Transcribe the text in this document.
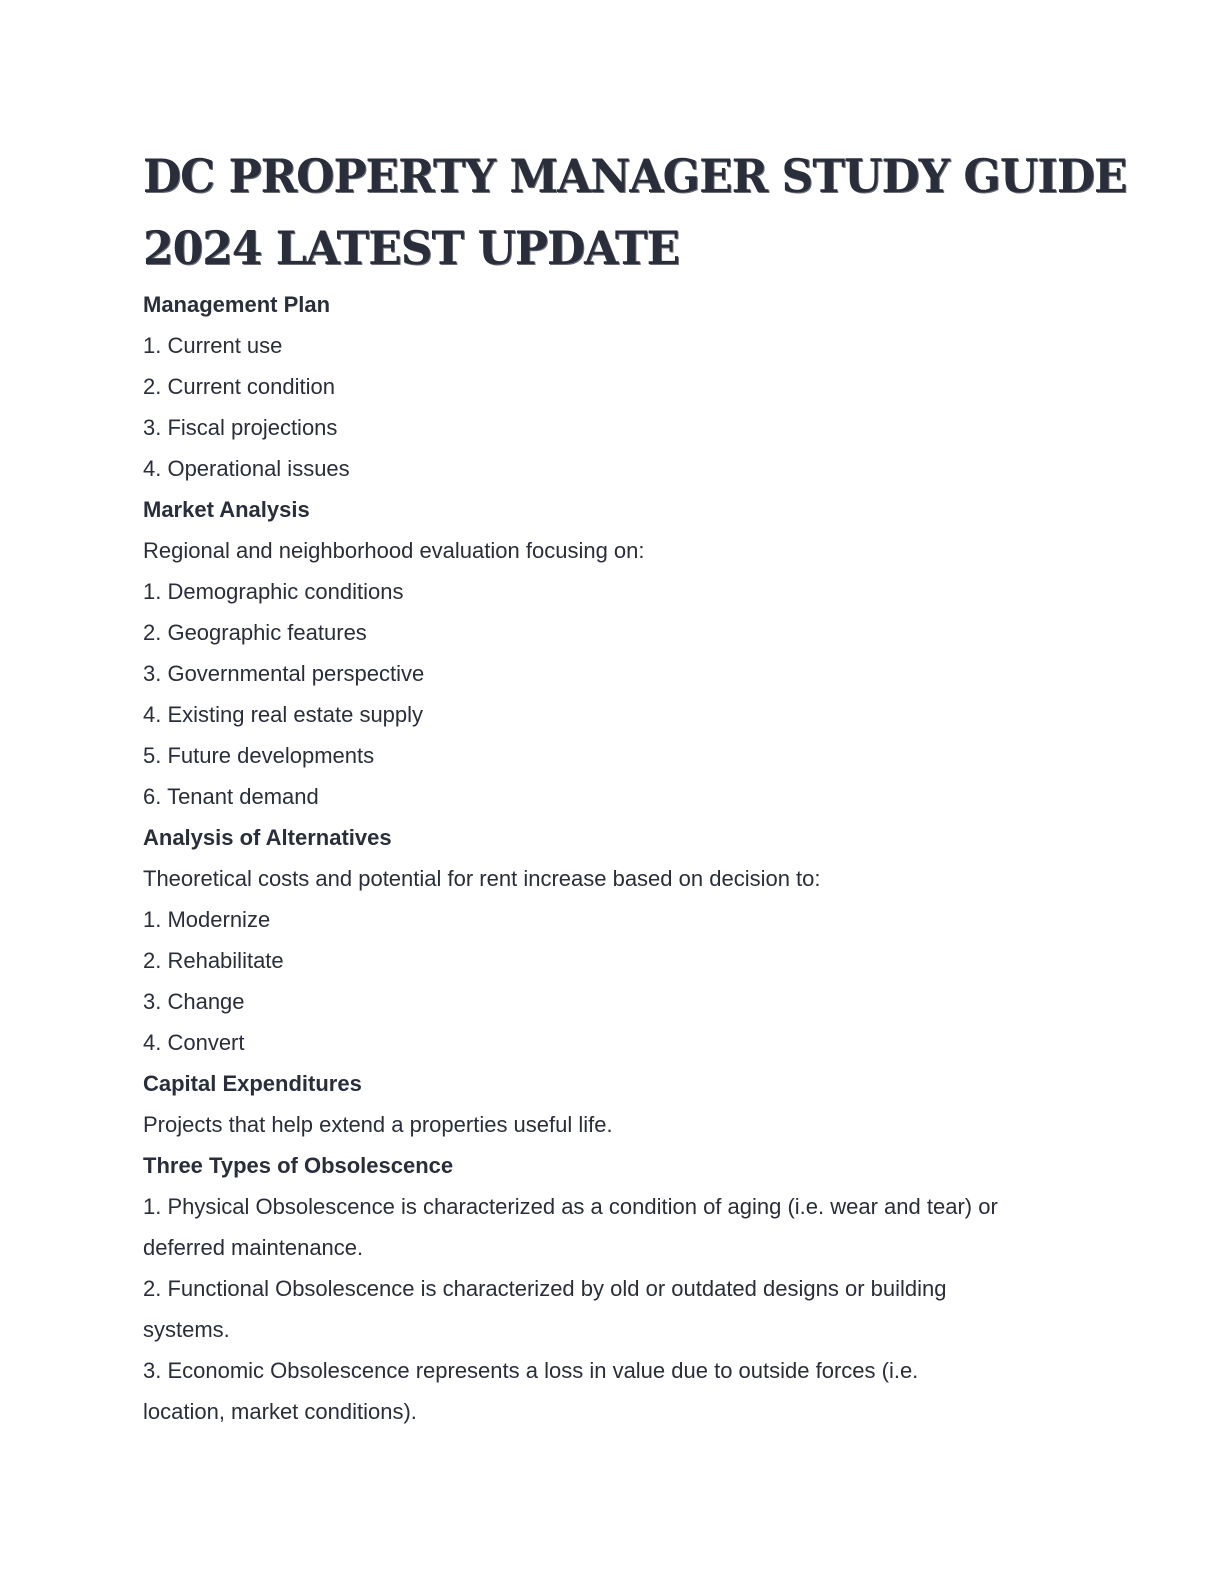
DC PROPERTY MANAGER STUDY GUIDE
2024 LATEST UPDATE
Management Plan
1. Current use
2. Current condition
3. Fiscal projections
4. Operational issues
Market Analysis
Regional and neighborhood evaluation focusing on:
1. Demographic conditions
2. Geographic features
3. Governmental perspective
4. Existing real estate supply
5. Future developments
6. Tenant demand
Analysis of Alternatives
Theoretical costs and potential for rent increase based on decision to:
1. Modernize
2. Rehabilitate
3. Change
4. Convert
Capital Expenditures
Projects that help extend a properties useful life.
Three Types of Obsolescence
1. Physical Obsolescence is characterized as a condition of aging (i.e. wear and tear) or
deferred maintenance.
2. Functional Obsolescence is characterized by old or outdated designs or building
systems.
3. Economic Obsolescence represents a loss in value due to outside forces (i.e.
location, market conditions).
